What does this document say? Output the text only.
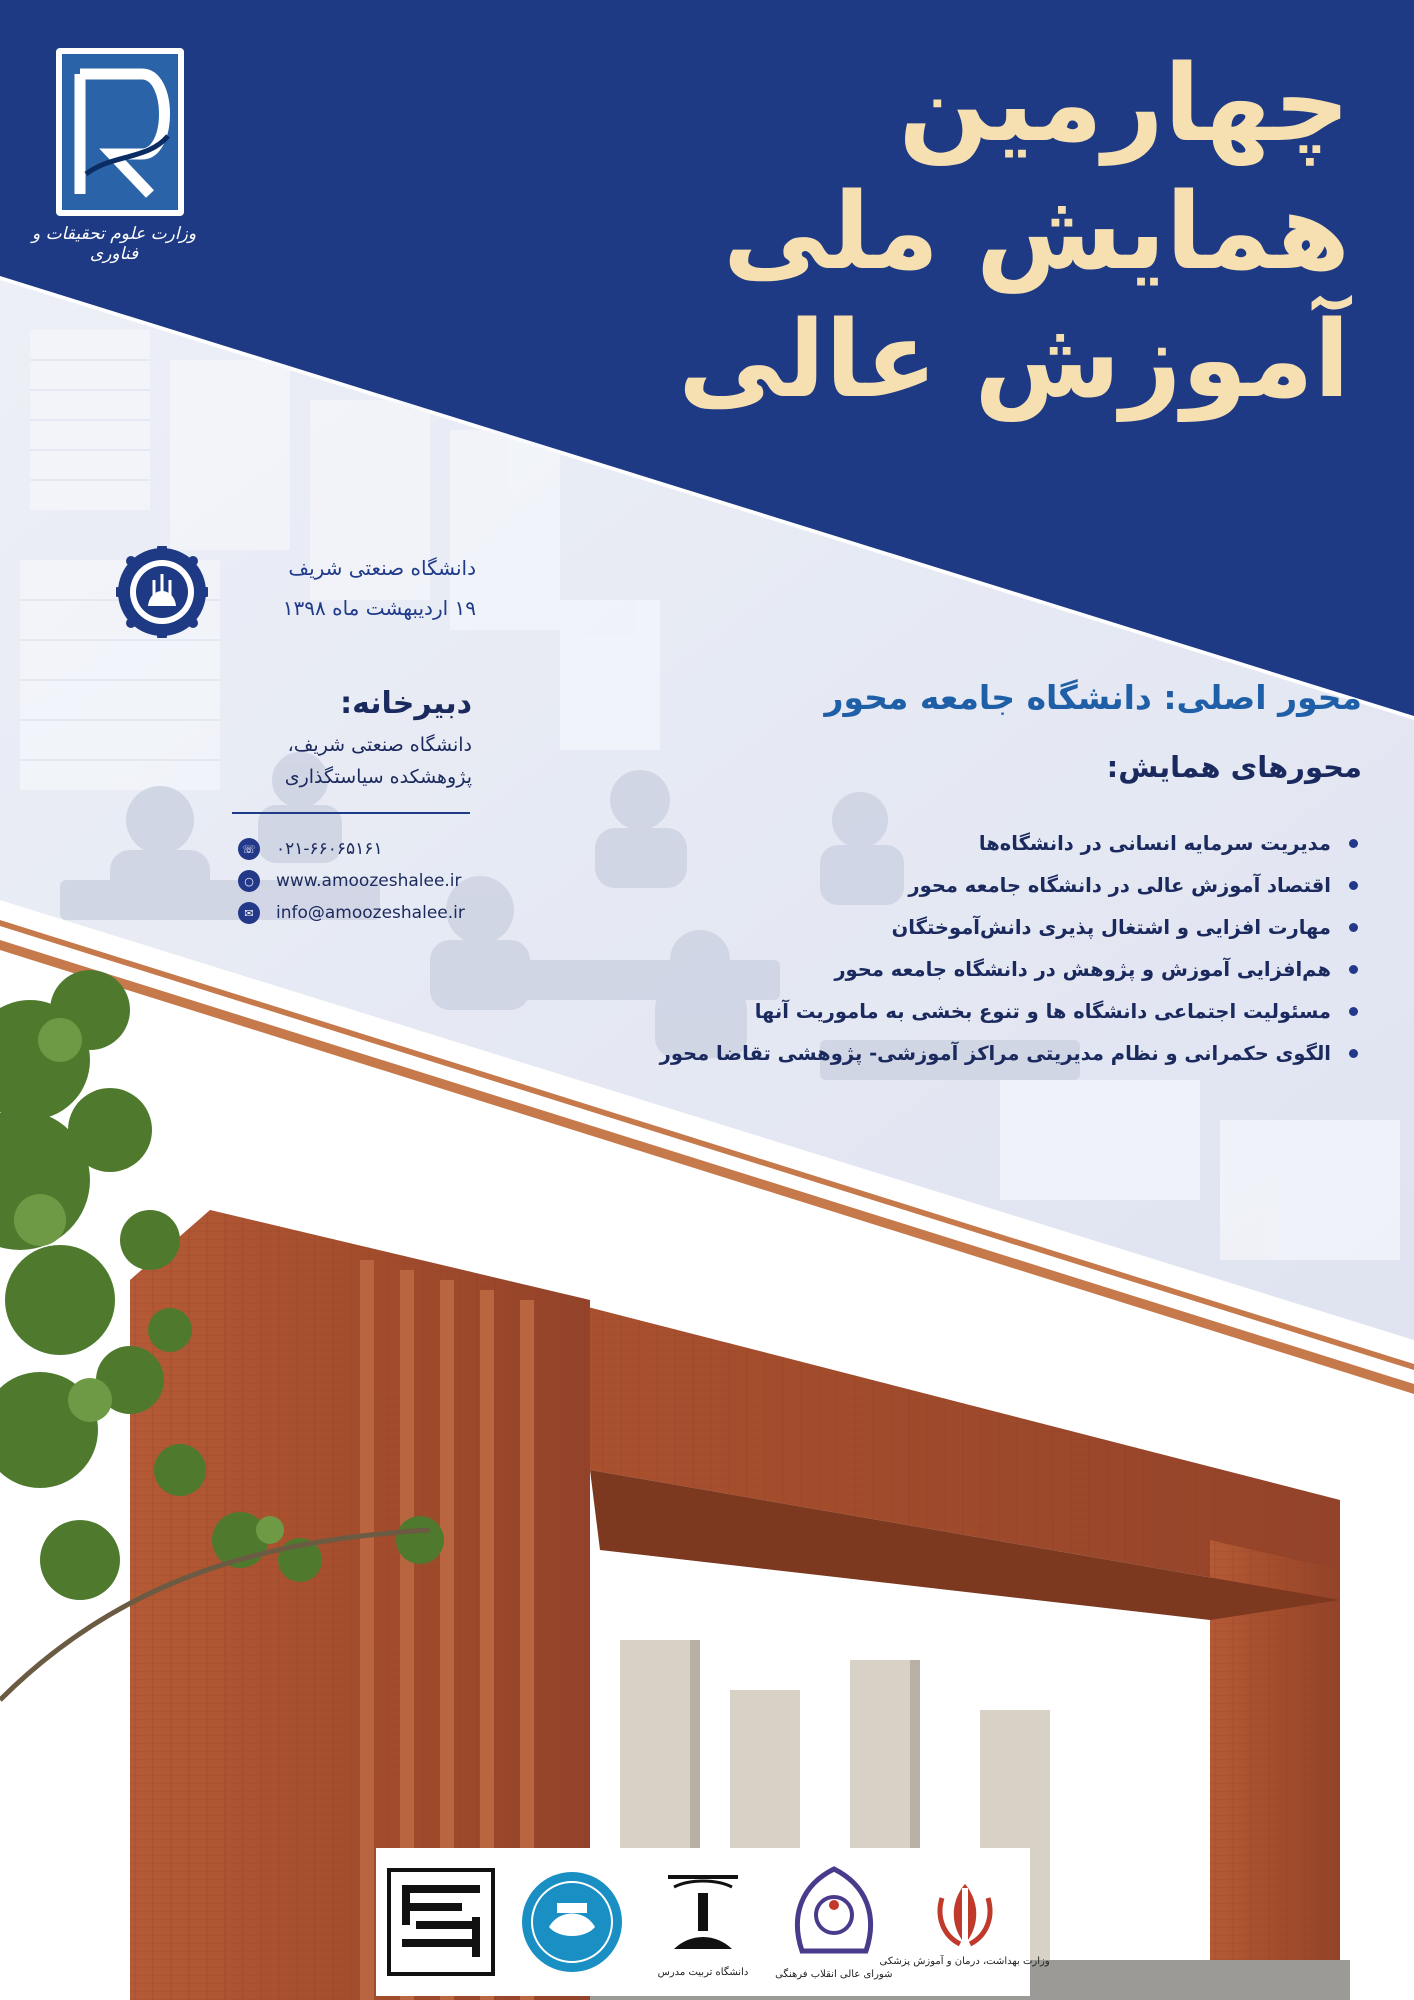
وزارت علوم تحقیقات و فناوری
چهارمین
همایش ملی
آموزش عالی
دانشگاه صنعتی شریف
۱۹ اردیبهشت ماه ۱۳۹۸
دبیرخانه:
دانشگاه صنعتی شریف،
پژوهشکده سیاستگذاری
☏ ۰۲۱-۶۶۰۶۵۱۶۱
○	www.amoozeshalee.ir
✉	info@amoozeshalee.ir
محور اصلی: دانشگاه جامعه محور
محورهای همایش:
مدیریت سرمایه انسانی در دانشگاه‌ها
اقتصاد آموزش عالی در دانشگاه جامعه محور
مهارت افزایی و اشتغال پذیری دانش‌آموختگان
هم‌افزایی آموزش و پژوهش در دانشگاه جامعه محور
مسئولیت اجتماعی دانشگاه ها و تنوع بخشی به ماموریت آنها
الگوی حکمرانی و نظام مدیریتی مراکز آموزشی- پژوهشی تقاضا محور
دانشگاه تربیت مدرس	شورای عالی انقلاب فرهنگی
وزارت بهداشت، درمان و آموزش پزشکی
